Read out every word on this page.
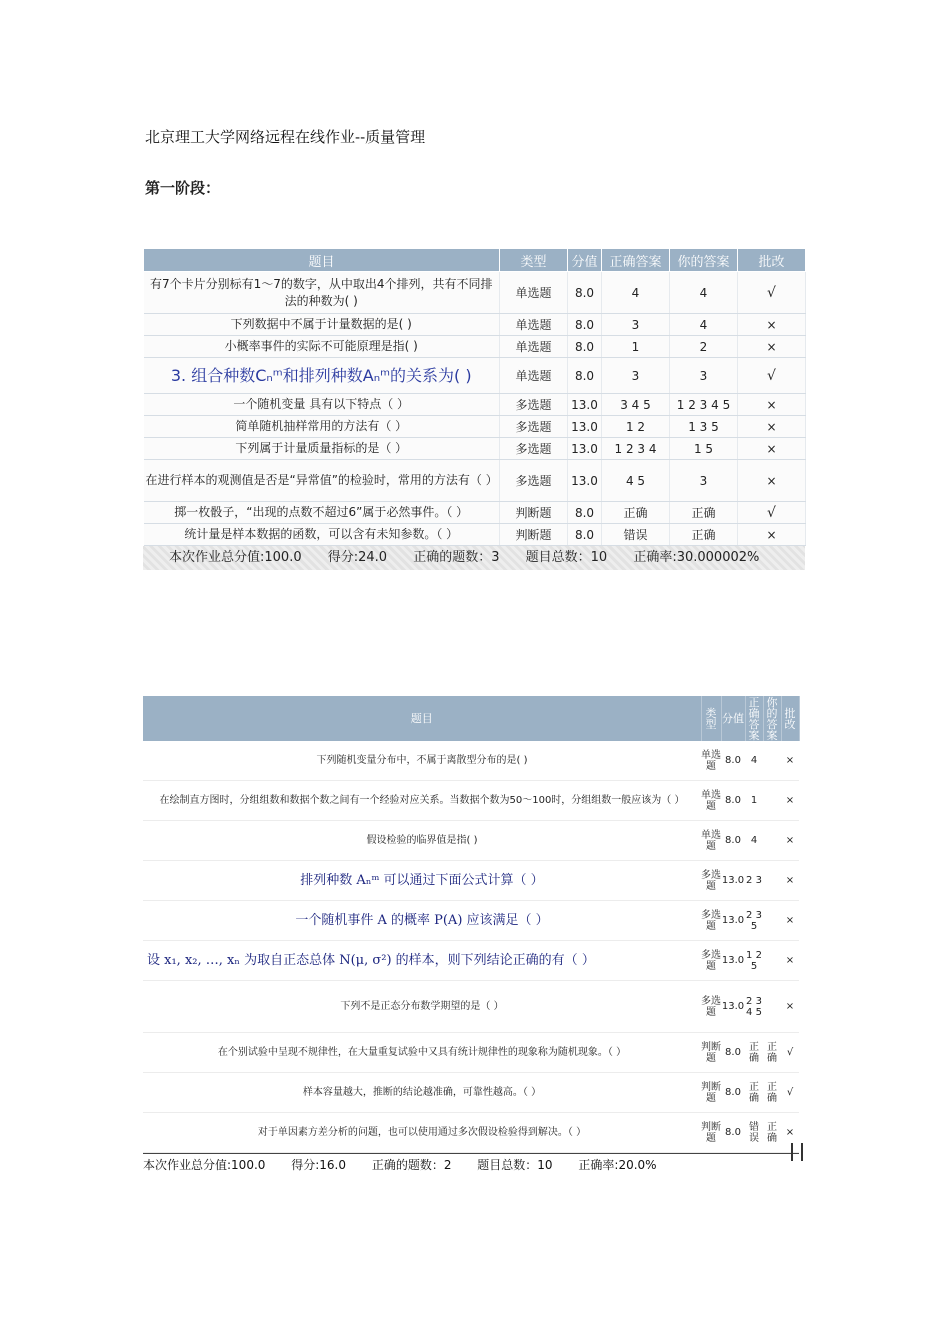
北京理工大学网络远程在线作业--质量管理
第一阶段：
题目	类型	分值	正确答案	你的答案	批改
有7个卡片分别标有1～7的数字，从中取出4个排列，共有不同排法的种数为( )	单选题	8.0	4	4	√
下列数据中不属于计量数据的是( )	单选题	8.0	3	4	×
小概率事件的实际不可能原理是指( )	单选题	8.0	1	2	×
3. 组合种数Cₙᵐ和排列种数Aₙᵐ的关系为( )	单选题	8.0	3	3	√
一个随机变量 具有以下特点（ ）	多选题	13.0	3 4 5	1 2 3 4 5	×
简单随机抽样常用的方法有（ ）	多选题	13.0	1 2	1 3 5	×
下列属于计量质量指标的是（ ）	多选题	13.0	1 2 3 4	1 5	×
在进行样本的观测值是否是“异常值”的检验时，常用的方法有（ ）	多选题	13.0	4 5	3	×
掷一枚骰子，“出现的点数不超过6”属于必然事件。（ ）	判断题	8.0	正确	正确	√
统计量是样本数据的函数，可以含有未知参数。（ ）	判断题	8.0	错误	正确	×
本次作业总分值:100.0 得分:24.0 正确的题数：3 题目总数：10 正确率:30.000002%
题目	类型	分值	正确答案	你的答案	批改
下列随机变量分布中，不属于离散型分布的是( )	单选题	8.0	4		×
在绘制直方图时，分组组数和数据个数之间有一个经验对应关系。当数据个数为50～100时，分组组数一般应该为（ ）	单选题	8.0	1		×
假设检验的临界值是指( )	单选题	8.0	4		×
排列种数 Aₙᵐ 可以通过下面公式计算（ ）	多选题	13.0	2 3		×
一个随机事件 A 的概率 P(A) 应该满足（ ）	多选题	13.0	2 3 5		×
设 x₁, x₂, …, xₙ 为取自正态总体 N(μ, σ²) 的样本，则下列结论正确的有（ ）	多选题	13.0	1 2 5		×
下列不是正态分布数学期望的是（ ）	多选题	13.0	2 3 4 5		×
在个别试验中呈现不规律性，在大量重复试验中又具有统计规律性的现象称为随机现象。（ ）	判断题	8.0	正确	正确	√
样本容量越大，推断的结论越准确，可靠性越高。（ ）	判断题	8.0	正确	正确	√
对于单因素方差分析的问题，也可以使用通过多次假设检验得到解决。（ ）	判断题	8.0	错误	正确	×
本次作业总分值:100.0 得分:16.0 正确的题数：2 题目总数：10 正确率:20.0%
